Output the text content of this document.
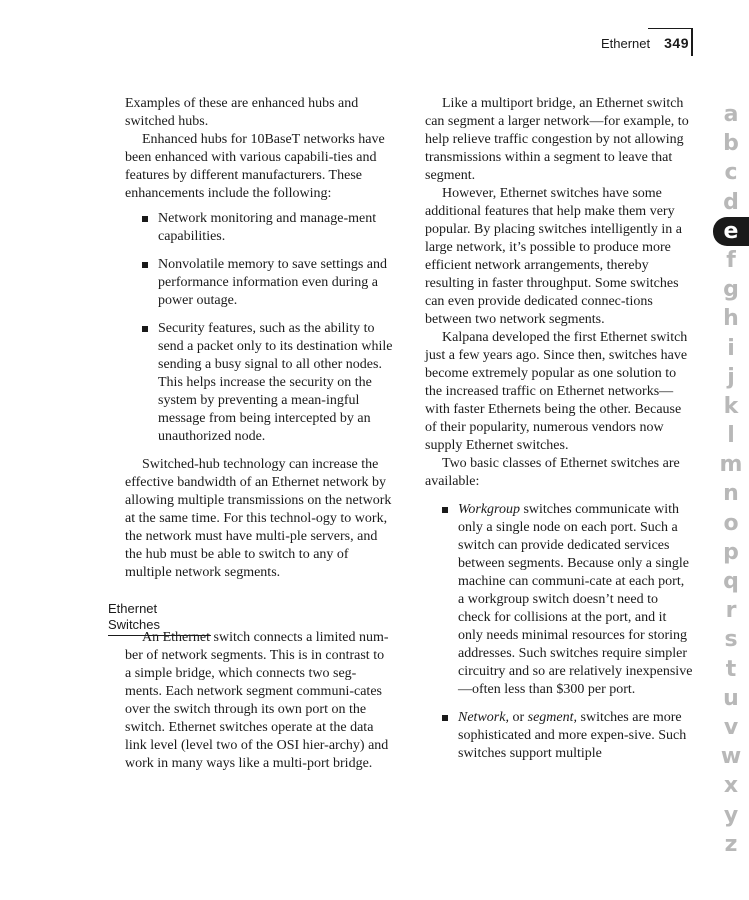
Ethernet 349

Examples of these are enhanced hubs and switched hubs.

Enhanced hubs for 10BaseT networks have been enhanced with various capabili-ties and features by different manufacturers. These enhancements include the following:

Network monitoring and manage-ment capabilities.
Nonvolatile memory to save settings and performance information even during a power outage.
Security features, such as the ability to send a packet only to its destination while sending a busy signal to all other nodes. This helps increase the security on the system by preventing a mean-ingful message from being intercepted by an unauthorized node.

Switched-hub technology can increase the effective bandwidth of an Ethernet network by allowing multiple transmissions on the network at the same time. For this technol-ogy to work, the network must have multi-ple servers, and the hub must be able to switch to any of multiple network segments.

Ethernet Switches

An Ethernet switch connects a limited num-ber of network segments. This is in contrast to a simple bridge, which connects two seg-ments. Each network segment communi-cates over the switch through its own port on the switch. Ethernet switches operate at the data link level (level two of the OSI hier-archy) and work in many ways like a multi-port bridge.

Like a multiport bridge, an Ethernet switch can segment a larger network—for example, to help relieve traffic congestion by not allowing transmissions within a segment to leave that segment.

However, Ethernet switches have some additional features that help make them very popular. By placing switches intelligently in a large network, it’s possible to produce more efficient network arrangements, thereby resulting in faster throughput. Some switches can even provide dedicated connec-tions between two network segments.

Kalpana developed the first Ethernet switch just a few years ago. Since then, switches have become extremely popular as one solution to the increased traffic on Ethernet networks—with faster Ethernets being the other. Because of their popularity, numerous vendors now supply Ethernet switches.

Two basic classes of Ethernet switches are available:

Workgroup switches communicate with only a single node on each port. Such a switch can provide dedicated services between segments. Because only a single machine can communi-cate at each port, a workgroup switch doesn’t need to check for collisions at the port, and it only needs minimal resources for storing addresses. Such switches require simpler circuitry and so are relatively inexpensive—often less than $300 per port.
Network, or segment, switches are more sophisticated and more expen-sive. Such switches support multiple
a
b
c
d
e
f
g
h
i
j
k
l
m
n
o
p
q
r
s
t
u
v
w
x
y
z
